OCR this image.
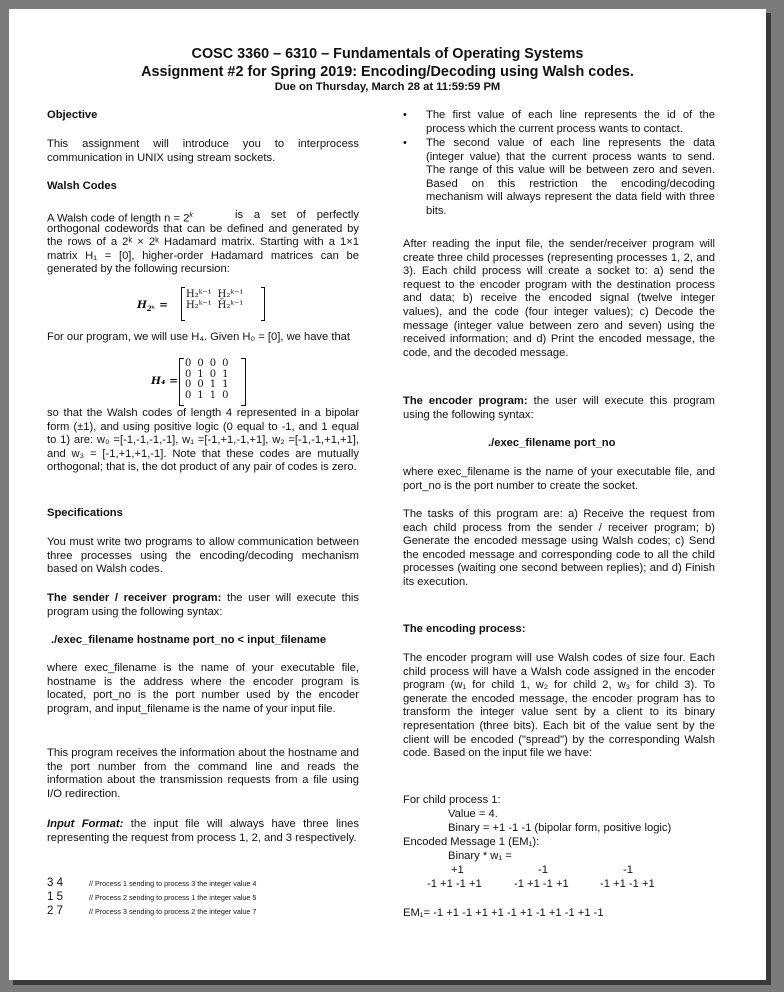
COSC 3360 – 6310 – Fundamentals of Operating Systems
Assignment #2 for Spring 2019: Encoding/Decoding using Walsh codes.
Due on Thursday, March 28 at 11:59:59 PM
Objective
This assignment will introduce you to interprocess communication in UNIX using stream sockets.
Walsh Codes
A Walsh code of length $n = 2^k$	is a set of perfectly orthogonal codewords that can be defined and generated by the rows of a 2ᵏ × 2ᵏ Hadamard matrix. Starting with a 1×1 matrix H₁ = [0], higher-order Hadamard matrices can be generated by the following recursion:
$H_{2ᵏ}$ =
H₂ᵏ⁻¹	H₂ᵏ⁻¹
H₂ᵏ⁻¹	H̄₂ᵏ⁻¹
For our program, we will use H₄. Given H₀ = [0], we have that
H₄ =
0	0	0	0
0	1	0	1
0	0	1	1
0	1	1	0
so that the Walsh codes of length 4 represented in a bipolar form (±1), and using positive logic (0 equal to -1, and 1 equal to 1) are: w₀ =[-1,-1,-1,-1], w₁ =[-1,+1,-1,+1], w₂ =[-1,-1,+1,+1], and w₃ = [-1,+1,+1,-1]. Note that these codes are mutually orthogonal; that is, the dot product of any pair of codes is zero.
Specifications
You must write two programs to allow communication between three processes using the encoding/decoding mechanism based on Walsh codes.
The sender / receiver program: the user will execute this program using the following syntax:
./exec_filename hostname port_no < input_filename
where exec_filename is the name of your executable file, hostname is the address where the encoder program is located, port_no is the port number used by the encoder program, and input_filename is the name of your input file.
This program receives the information about the hostname and the port number from the command line and reads the information about the transmission requests from a file using I/O redirection.
Input Format: the input file will always have three lines representing the request from process 1, 2, and 3 respectively.
3 4	// Process 1 sending to process 3 the integer value 4
1 5	// Process 2 sending to process 1 the integer value 5
2 7	// Process 3 sending to process 2 the integer value 7
• The first value of each line represents the id of the process which the current process wants to contact.
• The second value of each line represents the data (integer value) that the current process wants to send. The range of this value will be between zero and seven. Based on this restriction the encoding/decoding mechanism will always represent the data field with three bits.
After reading the input file, the sender/receiver program will create three child processes (representing processes 1, 2, and 3). Each child process will create a socket to: a) send the request to the encoder program with the destination process and data; b) receive the encoded signal (twelve integer values), and the code (four integer values); c) Decode the message (integer value between zero and seven) using the received information; and d) Print the encoded message, the code, and the decoded message.
The encoder program: the user will execute this program using the following syntax:
./exec_filename port_no
where exec_filename is the name of your executable file, and port_no is the port number to create the socket.
The tasks of this program are: a) Receive the request from each child process from the sender / receiver program; b) Generate the encoded message using Walsh codes; c) Send the encoded message and corresponding code to all the child processes (waiting one second between replies); and d) Finish its execution.
The encoding process:
The encoder program will use Walsh codes of size four. Each child process will have a Walsh code assigned in the encoder program (w₁ for child 1, w₂ for child 2, w₃ for child 3). To generate the encoded message, the encoder program has to transform the integer value sent by a client to its binary representation (three bits). Each bit of the value sent by the client will be encoded ("spread") by the corresponding Walsh code. Based on the input file we have:
For child process 1:
Value = 4.
Binary = +1 -1 -1 (bipolar form, positive logic)
Encoded Message 1 (EM₁):
Binary * w₁ =
+1	-1	-1
-1 +1 -1 +1	-1 +1 -1 +1	-1 +1 -1 +1
EM₁= -1 +1 -1 +1 +1 -1 +1 -1 +1 -1 +1 -1
